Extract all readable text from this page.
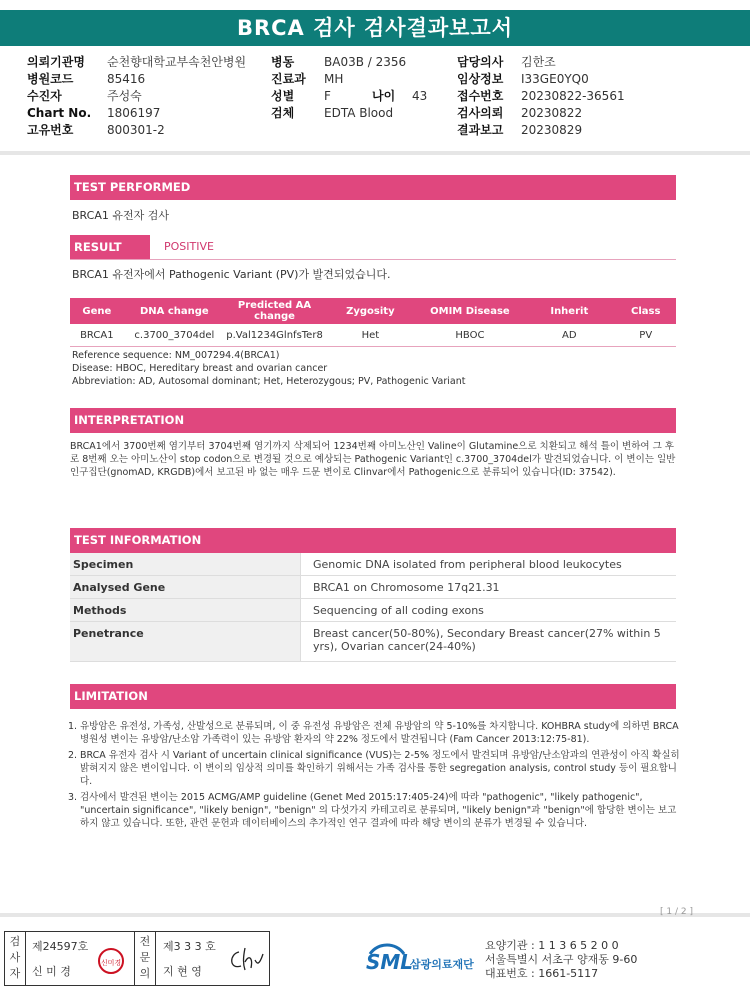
BRCA 검사 검사결과보고서
의뢰기관명	순천향대학교부속천안병원
병원코드	85416
수진자	주성숙
Chart No.	1806197
고유번호	800301-2
병동	BA03B / 2356
진료과	MH
성별	F	나이	43
검체	EDTA Blood
담당의사	김한조
임상정보	I33GE0YQ0
접수번호	20230822-36561
검사의뢰	20230822
결과보고	20230829
TEST PERFORMED
BRCA1 유전자 검사
RESULT	POSITIVE
BRCA1 유전자에서 Pathogenic Variant (PV)가 발견되었습니다.
Gene	DNA change	Predicted AA change	Zygosity	OMIM Disease	Inherit	Class
BRCA1	c.3700_3704del	p.Val1234GlnfsTer8	Het	HBOC	AD	PV
Reference sequence: NM_007294.4(BRCA1)
Disease: HBOC, Hereditary breast and ovarian cancer
Abbreviation: AD, Autosomal dominant; Het, Heterozygous; PV, Pathogenic Variant
INTERPRETATION
BRCA1에서 3700번째 염기부터 3704번째 염기까지 삭제되어 1234번째 아미노산인 Valine이 Glutamine으로 치환되고 해석 틀이 변하여 그 후로 8번째 오는 아미노산이 stop codon으로 변경될 것으로 예상되는 Pathogenic Variant인 c.3700_3704del가 발견되었습니다. 이 변이는 일반 인구집단(gnomAD, KRGDB)에서 보고된 바 없는 매우 드문 변이로 Clinvar에서 Pathogenic으로 분류되어 있습니다(ID: 37542).
TEST INFORMATION
Specimen	Genomic DNA isolated from peripheral blood leukocytes
Analysed Gene	BRCA1 on Chromosome 17q21.31
Methods	Sequencing of all coding exons
Penetrance	Breast cancer(50-80%), Secondary Breast cancer(27% within 5 yrs), Ovarian cancer(24-40%)
LIMITATION
1. 유방암은 유전성, 가족성, 산발성으로 분류되며, 이 중 유전성 유방암은 전체 유방암의 약 5-10%를 차지합니다. KOHBRA study에 의하면 BRCA 병원성 변이는 유방암/난소암 가족력이 있는 유방암 환자의 약 22% 정도에서 발견됩니다 (Fam Cancer 2013:12:75-81).
2. BRCA 유전자 검사 시 Variant of uncertain clinical significance (VUS)는 2-5% 정도에서 발견되며 유방암/난소암과의 연관성이 아직 확실히 밝혀지지 않은 변이입니다. 이 변이의 임상적 의미를 확인하기 위해서는 가족 검사를 통한 segregation analysis, control study 등이 필요합니다.
3. 검사에서 발견된 변이는 2015 ACMG/AMP guideline (Genet Med 2015:17:405-24)에 따라 "pathogenic", "likely pathogenic", "uncertain significance", "likely benign", "benign" 의 다섯가지 카테고리로 분류되며, "likely benign"과 "benign"에 합당한 변이는 보고하지 않고 있습니다. 또한, 관련 문헌과 데이터베이스의 추가적인 연구 결과에 따라 해당 변이의 분류가 변경될 수 있습니다.
[ 1 / 2 ]
검
사
자
제24597호
신 미 경
신미경
전
문
의
제3 3 3 호
지 현 영	SML
삼광의료재단
요양기관 : 1 1 3 6 5 2 0 0
서울특별시 서초구 양재동 9-60
대표번호 : 1661-5117
